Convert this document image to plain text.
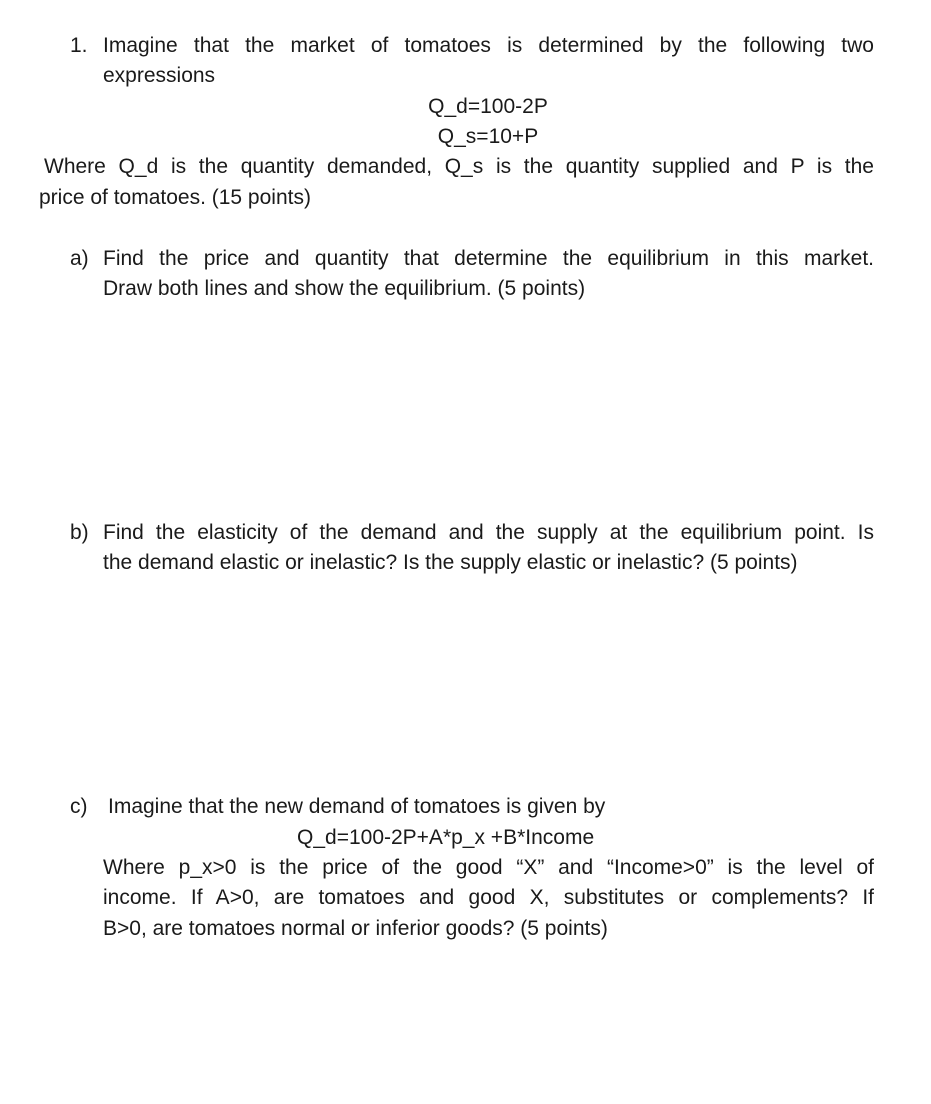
1. Imagine that the market of tomatoes is determined by the following two
expressions
Q_d=100-2P
Q_s=10+P
Where Q_d is the quantity demanded, Q_s is the quantity supplied and P is the
price of tomatoes. (15 points)
a) Find the price and quantity that determine the equilibrium in this market.
Draw both lines and show the equilibrium. (5 points)
b) Find the elasticity of the demand and the supply at the equilibrium point. Is
the demand elastic or inelastic? Is the supply elastic or inelastic? (5 points)
c) Imagine that the new demand of tomatoes is given by
Q_d=100-2P+A*p_x +B*Income
Where p_x>0 is the price of the good “X” and “Income>0” is the level of
income. If A>0, are tomatoes and good X, substitutes or complements? If
B>0, are tomatoes normal or inferior goods? (5 points)
